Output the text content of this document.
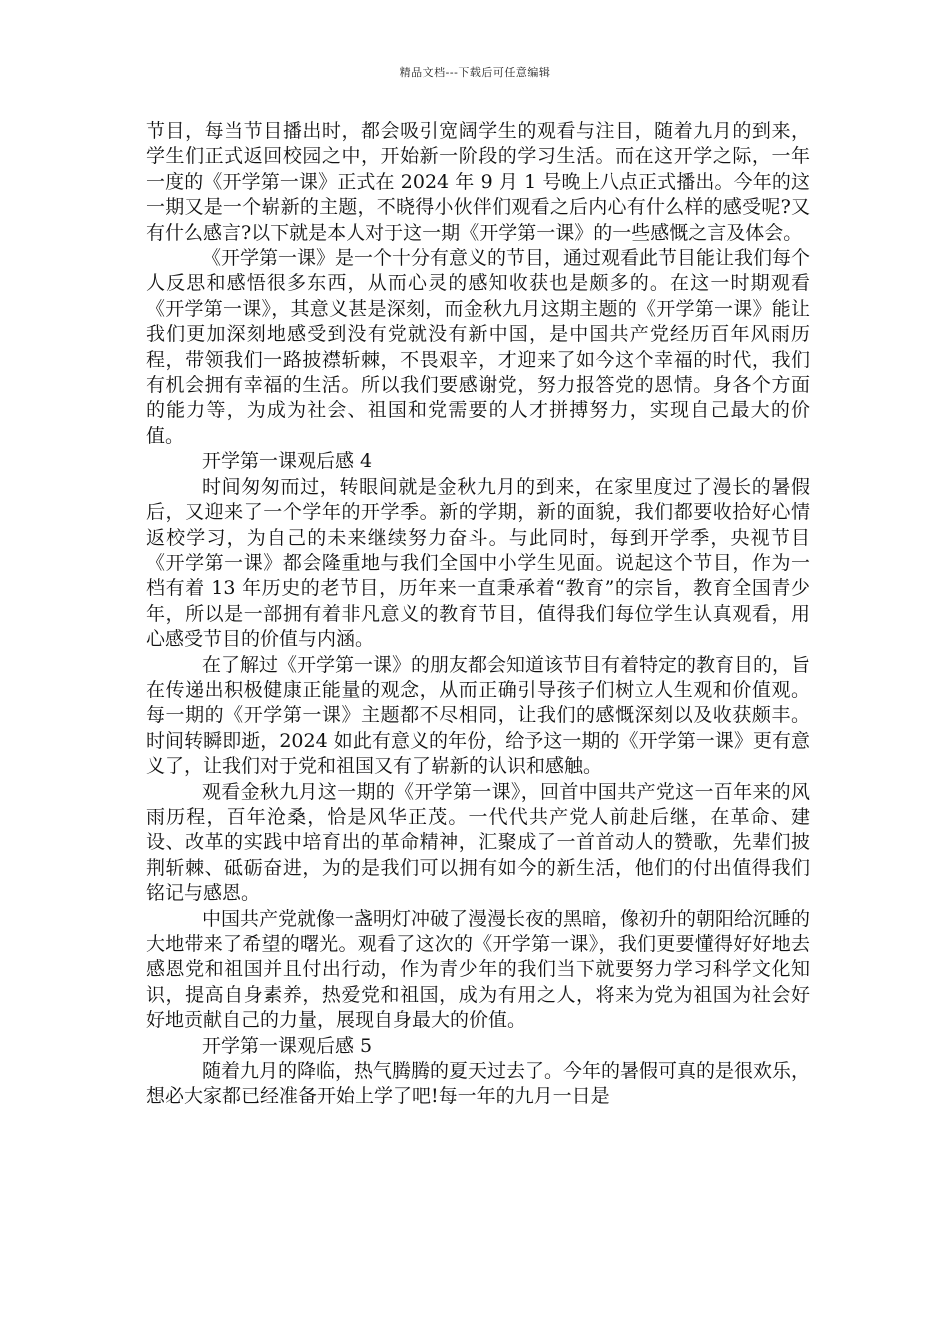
精品文档---下载后可任意编辑

节目，每当节目播出时，都会吸引宽阔学生的观看与注目，随着九月的到来，学生们正式返回校园之中，开始新一阶段的学习生活。而在这开学之际，一年一度的《开学第一课》正式在 2024 年 9 月 1 号晚上八点正式播出。今年的这一期又是一个崭新的主题，不晓得小伙伴们观看之后内心有什么样的感受呢?又有什么感言?以下就是本人对于这一期《开学第一课》的一些感慨之言及体会。

《开学第一课》是一个十分有意义的节目，通过观看此节目能让我们每个人反思和感悟很多东西，从而心灵的感知收获也是颇多的。在这一时期观看《开学第一课》，其意义甚是深刻，而金秋九月这期主题的《开学第一课》能让我们更加深刻地感受到没有党就没有新中国，是中国共产党经历百年风雨历程，带领我们一路披襟斩棘，不畏艰辛，才迎来了如今这个幸福的时代，我们有机会拥有幸福的生活。所以我们要感谢党，努力报答党的恩情。身各个方面的能力等，为成为社会、祖国和党需要的人才拼搏努力，实现自己最大的价值。

开学第一课观后感 4

时间匆匆而过，转眼间就是金秋九月的到来，在家里度过了漫长的暑假后，又迎来了一个学年的开学季。新的学期，新的面貌，我们都要收拾好心情返校学习，为自己的未来继续努力奋斗。与此同时，每到开学季，央视节目《开学第一课》都会隆重地与我们全国中小学生见面。说起这个节目，作为一档有着 13 年历史的老节目，历年来一直秉承着“教育”的宗旨，教育全国青少年，所以是一部拥有着非凡意义的教育节目，值得我们每位学生认真观看，用心感受节目的价值与内涵。

在了解过《开学第一课》的朋友都会知道该节目有着特定的教育目的，旨在传递出积极健康正能量的观念，从而正确引导孩子们树立人生观和价值观。每一期的《开学第一课》主题都不尽相同，让我们的感慨深刻以及收获颇丰。时间转瞬即逝，2024 如此有意义的年份，给予这一期的《开学第一课》更有意义了，让我们对于党和祖国又有了崭新的认识和感触。

观看金秋九月这一期的《开学第一课》，回首中国共产党这一百年来的风雨历程，百年沧桑，恰是风华正茂。一代代共产党人前赴后继，在革命、建设、改革的实践中培育出的革命精神，汇聚成了一首首动人的赞歌，先辈们披荆斩棘、砥砺奋进，为的是我们可以拥有如今的新生活，他们的付出值得我们铭记与感恩。

中国共产党就像一盏明灯冲破了漫漫长夜的黑暗，像初升的朝阳给沉睡的大地带来了希望的曙光。观看了这次的《开学第一课》，我们更要懂得好好地去感恩党和祖国并且付出行动，作为青少年的我们当下就要努力学习科学文化知识，提高自身素养，热爱党和祖国，成为有用之人，将来为党为祖国为社会好好地贡献自己的力量，展现自身最大的价值。

开学第一课观后感 5

随着九月的降临，热气腾腾的夏天过去了。今年的暑假可真的是很欢乐，想必大家都已经准备开始上学了吧!每一年的九月一日是
